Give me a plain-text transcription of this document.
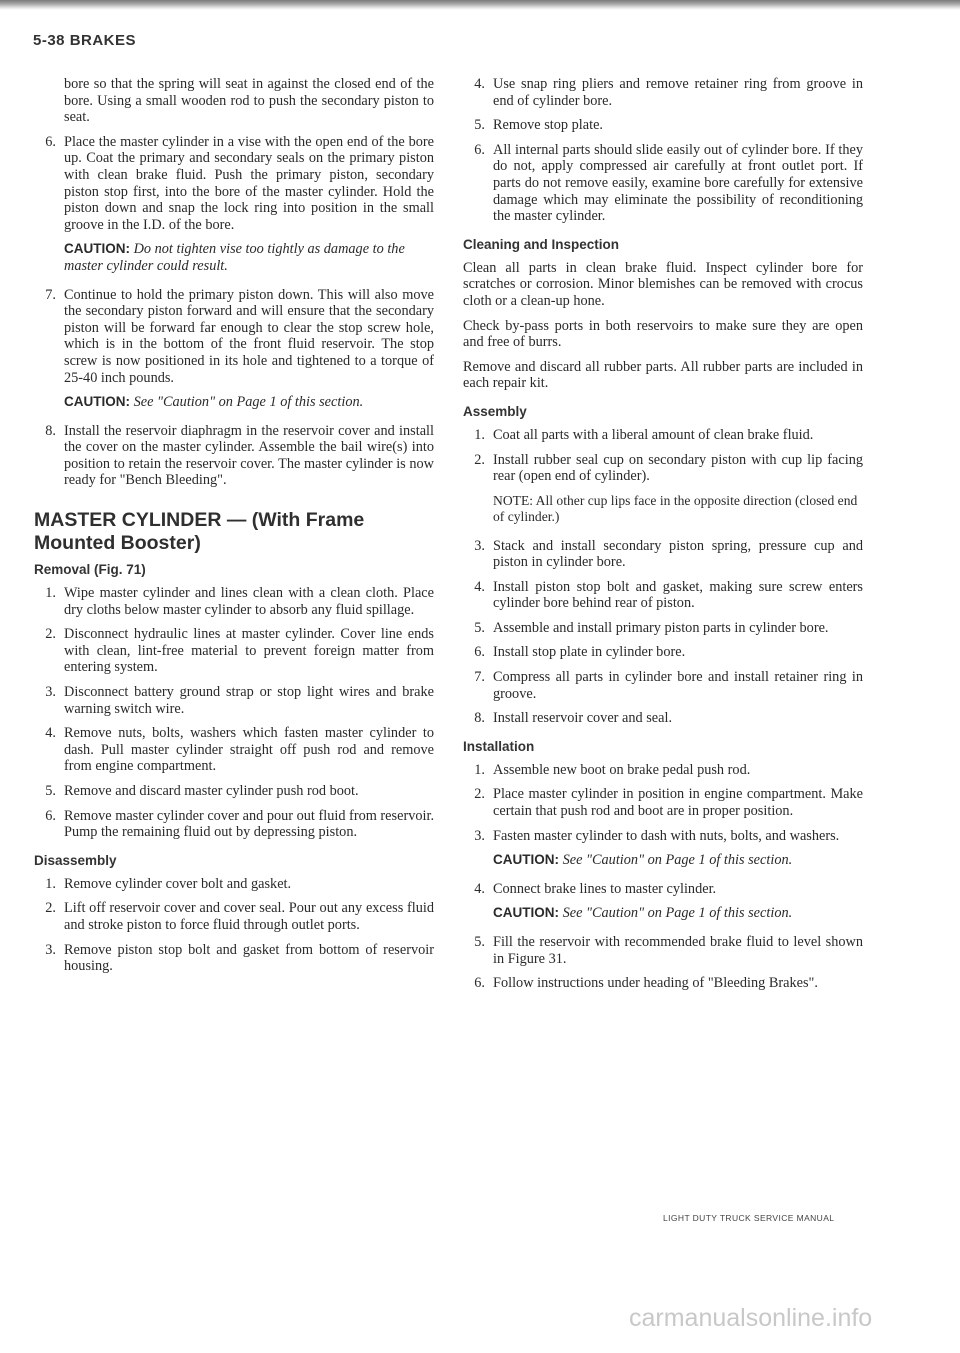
5-38 BRAKES

bore so that the spring will seat in against the closed end of the bore. Using a small wooden rod to push the secondary piston to seat.

6. Place the master cylinder in a vise with the open end of the bore up. Coat the primary and secondary seals on the primary piston with clean brake fluid. Push the primary piston, secondary piston stop first, into the bore of the master cylinder. Hold the piston down and snap the lock ring into position in the small groove in the I.D. of the bore.
CAUTION: Do not tighten vise too tightly as damage to the master cylinder could result.
7. Continue to hold the primary piston down. This will also move the secondary piston forward and will ensure that the secondary piston will be forward far enough to clear the stop screw hole, which is in the bottom of the front fluid reservoir. The stop screw is now positioned in its hole and tightened to a torque of 25-40 inch pounds.
CAUTION: See "Caution" on Page 1 of this section.
8. Install the reservoir diaphragm in the reservoir cover and install the cover on the master cylinder. Assemble the bail wire(s) into position to retain the reservoir cover. The master cylinder is now ready for "Bench Bleeding".
MASTER CYLINDER — (With Frame Mounted Booster)
Removal (Fig. 71)
1. Wipe master cylinder and lines clean with a clean cloth. Place dry cloths below master cylinder to absorb any fluid spillage.
2. Disconnect hydraulic lines at master cylinder. Cover line ends with clean, lint-free material to prevent foreign matter from entering system.
3. Disconnect battery ground strap or stop light wires and brake warning switch wire.
4. Remove nuts, bolts, washers which fasten master cylinder to dash. Pull master cylinder straight off push rod and remove from engine compartment.
5. Remove and discard master cylinder push rod boot.
6. Remove master cylinder cover and pour out fluid from reservoir. Pump the remaining fluid out by depressing piston.
Disassembly
1. Remove cylinder cover bolt and gasket.
2. Lift off reservoir cover and cover seal. Pour out any excess fluid and stroke piston to force fluid through outlet ports.
3. Remove piston stop bolt and gasket from bottom of reservoir housing.
4. Use snap ring pliers and remove retainer ring from groove in end of cylinder bore.
5. Remove stop plate.
6. All internal parts should slide easily out of cylinder bore. If they do not, apply compressed air carefully at front outlet port. If parts do not remove easily, examine bore carefully for extensive damage which may eliminate the possibility of reconditioning the master cylinder.
Cleaning and Inspection

Clean all parts in clean brake fluid. Inspect cylinder bore for scratches or corrosion. Minor blemishes can be removed with crocus cloth or a clean-up hone.

Check by-pass ports in both reservoirs to make sure they are open and free of burrs.

Remove and discard all rubber parts. All rubber parts are included in each repair kit.

Assembly
1. Coat all parts with a liberal amount of clean brake fluid.
2. Install rubber seal cup on secondary piston with cup lip facing rear (open end of cylinder).
NOTE: All other cup lips face in the opposite direction (closed end of cylinder.)
3. Stack and install secondary piston spring, pressure cup and piston in cylinder bore.
4. Install piston stop bolt and gasket, making sure screw enters cylinder bore behind rear of piston.
5. Assemble and install primary piston parts in cylinder bore.
6. Install stop plate in cylinder bore.
7. Compress all parts in cylinder bore and install retainer ring in groove.
8. Install reservoir cover and seal.
Installation
1. Assemble new boot on brake pedal push rod.
2. Place master cylinder in position in engine compartment. Make certain that push rod and boot are in proper position.
3. Fasten master cylinder to dash with nuts, bolts, and washers.
CAUTION: See "Caution" on Page 1 of this section.
4. Connect brake lines to master cylinder.
CAUTION: See "Caution" on Page 1 of this section.
5. Fill the reservoir with recommended brake fluid to level shown in Figure 31.
6. Follow instructions under heading of "Bleeding Brakes".
LIGHT DUTY TRUCK SERVICE MANUAL
carmanualsonline.info
